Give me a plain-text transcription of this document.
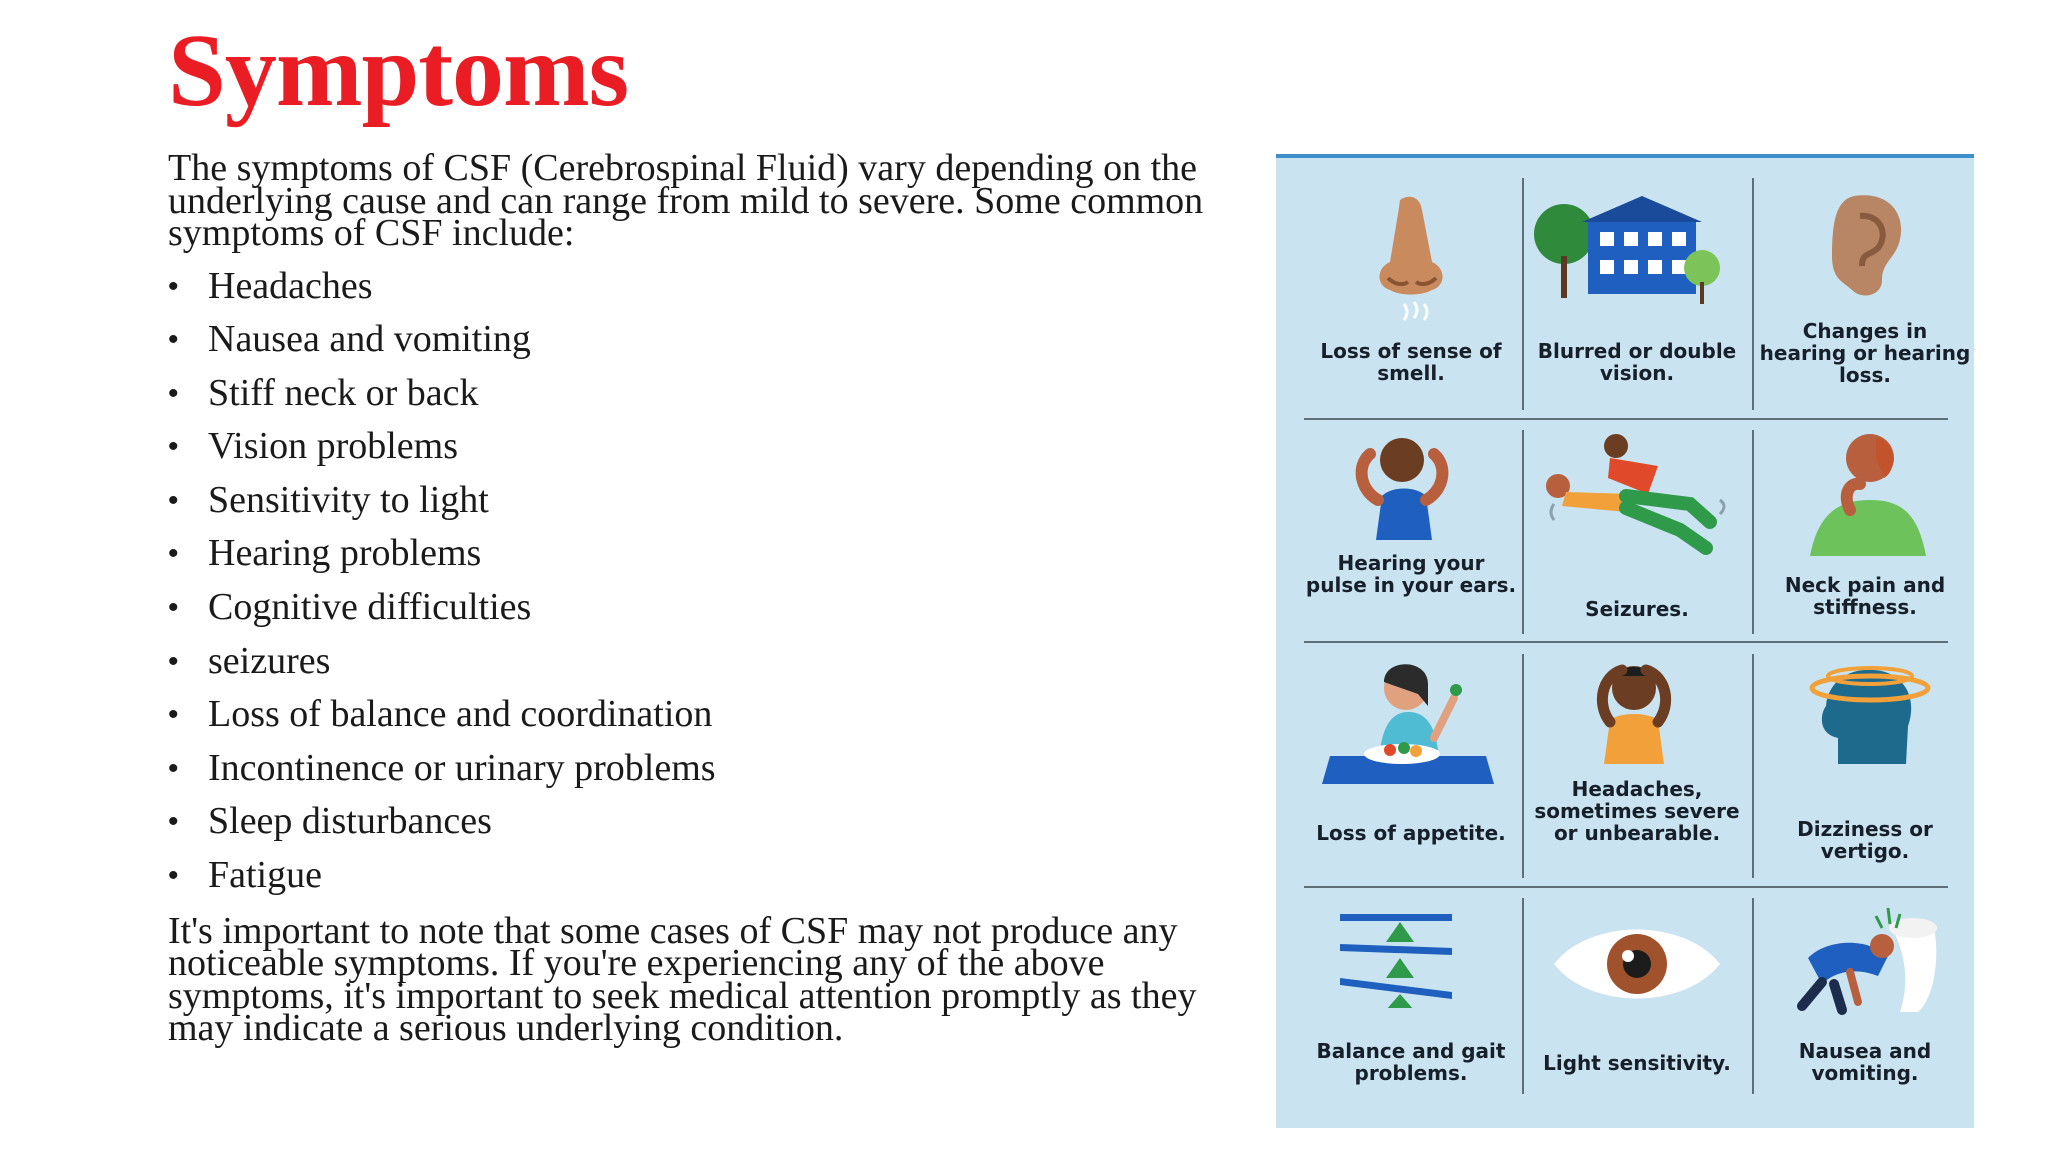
Symptoms

The symptoms of CSF (Cerebrospinal Fluid) vary depending on the underlying cause and can range from mild to severe. Some common symptoms of CSF include:

• Headaches
• Nausea and vomiting
• Stiff neck or back
• Vision problems
• Sensitivity to light
• Hearing problems
• Cognitive difficulties
• seizures
• Loss of balance and coordination
• Incontinence or urinary problems
• Sleep disturbances
• Fatigue

It's important to note that some cases of CSF may not produce any noticeable symptoms. If you're experiencing any of the above symptoms, it's important to seek medical attention promptly as they may indicate a serious underlying condition.

Loss of sense of smell.
Blurred or double vision.
Changes in hearing or hearing loss.
Hearing your pulse in your ears.
Seizures.
Neck pain and stiffness.
Loss of appetite.
Headaches, sometimes severe or unbearable.	Dizziness or vertigo.
Balance and gait problems.	Light sensitivity.	Nausea and vomiting.
